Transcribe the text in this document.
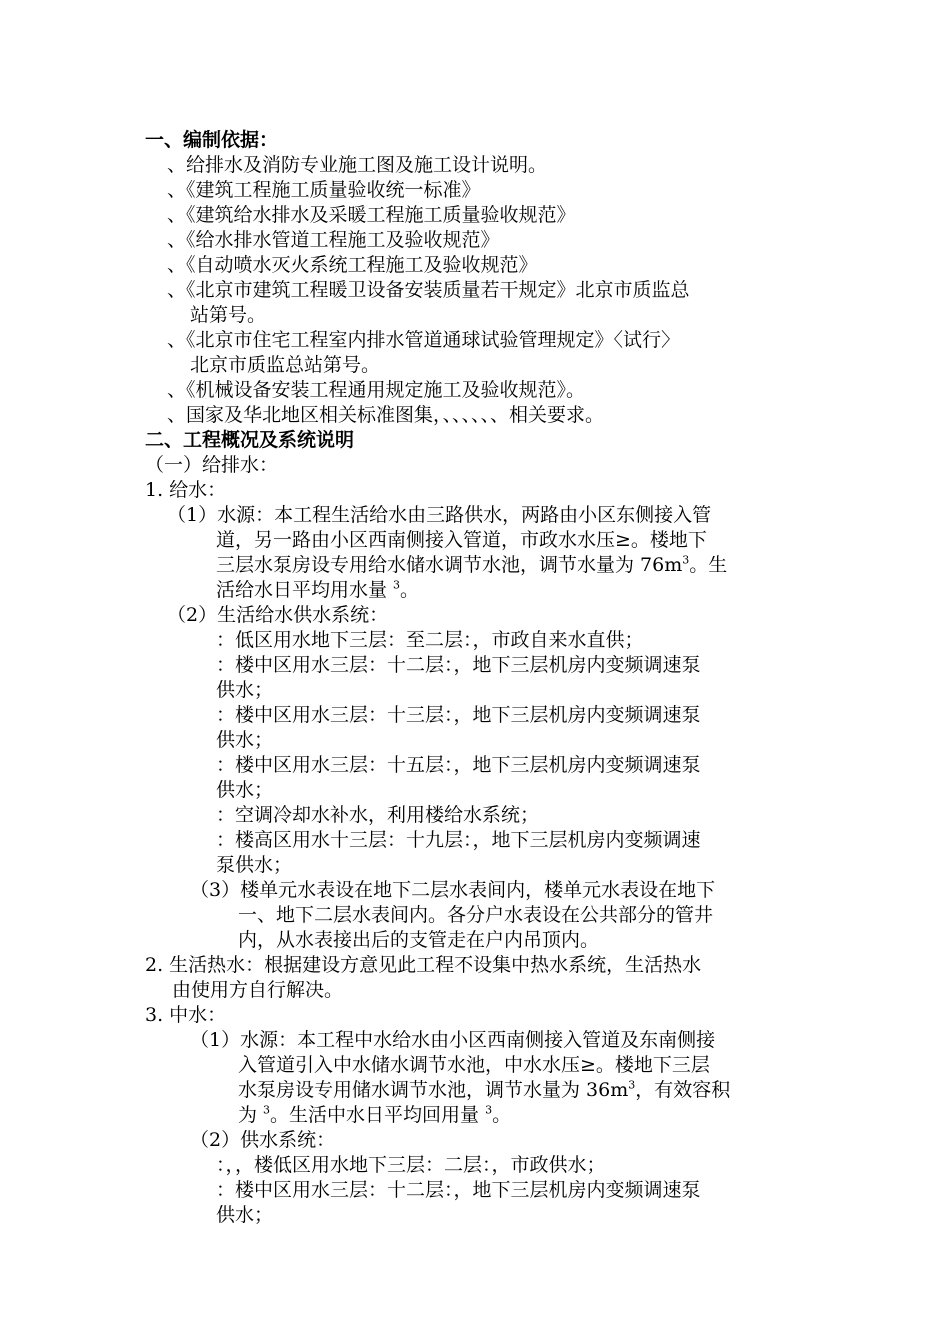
一、编制依据：
、给排水及消防专业施工图及施工设计说明。
、《建筑工程施工质量验收统一标准》
、《建筑给水排水及采暖工程施工质量验收规范》
、《给水排水管道工程施工及验收规范》
、《自动喷水灭火系统工程施工及验收规范》
、《北京市建筑工程暖卫设备安装质量若干规定》北京市质监总
站第号。
、《北京市住宅工程室内排水管道通球试验管理规定》〈试行〉
北京市质监总站第号。
、《机械设备安装工程通用规定施工及验收规范》。
、国家及华北地区相关标准图集，、、、、、、相关要求。
二、工程概况及系统说明
（一）给排水：
1. 给水：
（1）水源：本工程生活给水由三路供水，两路由小区东侧接入管
道，另一路由小区西南侧接入管道，市政水水压≥。楼地下
三层水泵房设专用给水储水调节水池，调节水量为 $76m^3$。生
活给水日平均用水量 $^3$。
（2）生活给水供水系统：
：低区用水地下三层：至二层：，市政自来水直供；
：楼中区用水三层：十二层：，地下三层机房内变频调速泵
供水；
：楼中区用水三层：十三层：，地下三层机房内变频调速泵
供水；
：楼中区用水三层：十五层：，地下三层机房内变频调速泵
供水；
：空调冷却水补水，利用楼给水系统；
：楼高区用水十三层：十九层：，地下三层机房内变频调速
泵供水；
（3）楼单元水表设在地下二层水表间内，楼单元水表设在地下
一、地下二层水表间内。各分户水表设在公共部分的管井
内，从水表接出后的支管走在户内吊顶内。
2. 生活热水：根据建设方意见此工程不设集中热水系统，生活热水
由使用方自行解决。
3. 中水：
（1）水源：本工程中水给水由小区西南侧接入管道及东南侧接
入管道引入中水储水调节水池，中水水压≥。楼地下三层
水泵房设专用储水调节水池，调节水量为 $36m^3$，有效容积
为 $^3$。生活中水日平均回用量 $^3$。
（2）供水系统：
：，，楼低区用水地下三层：二层：，市政供水；
：楼中区用水三层：十二层：，地下三层机房内变频调速泵
供水；
